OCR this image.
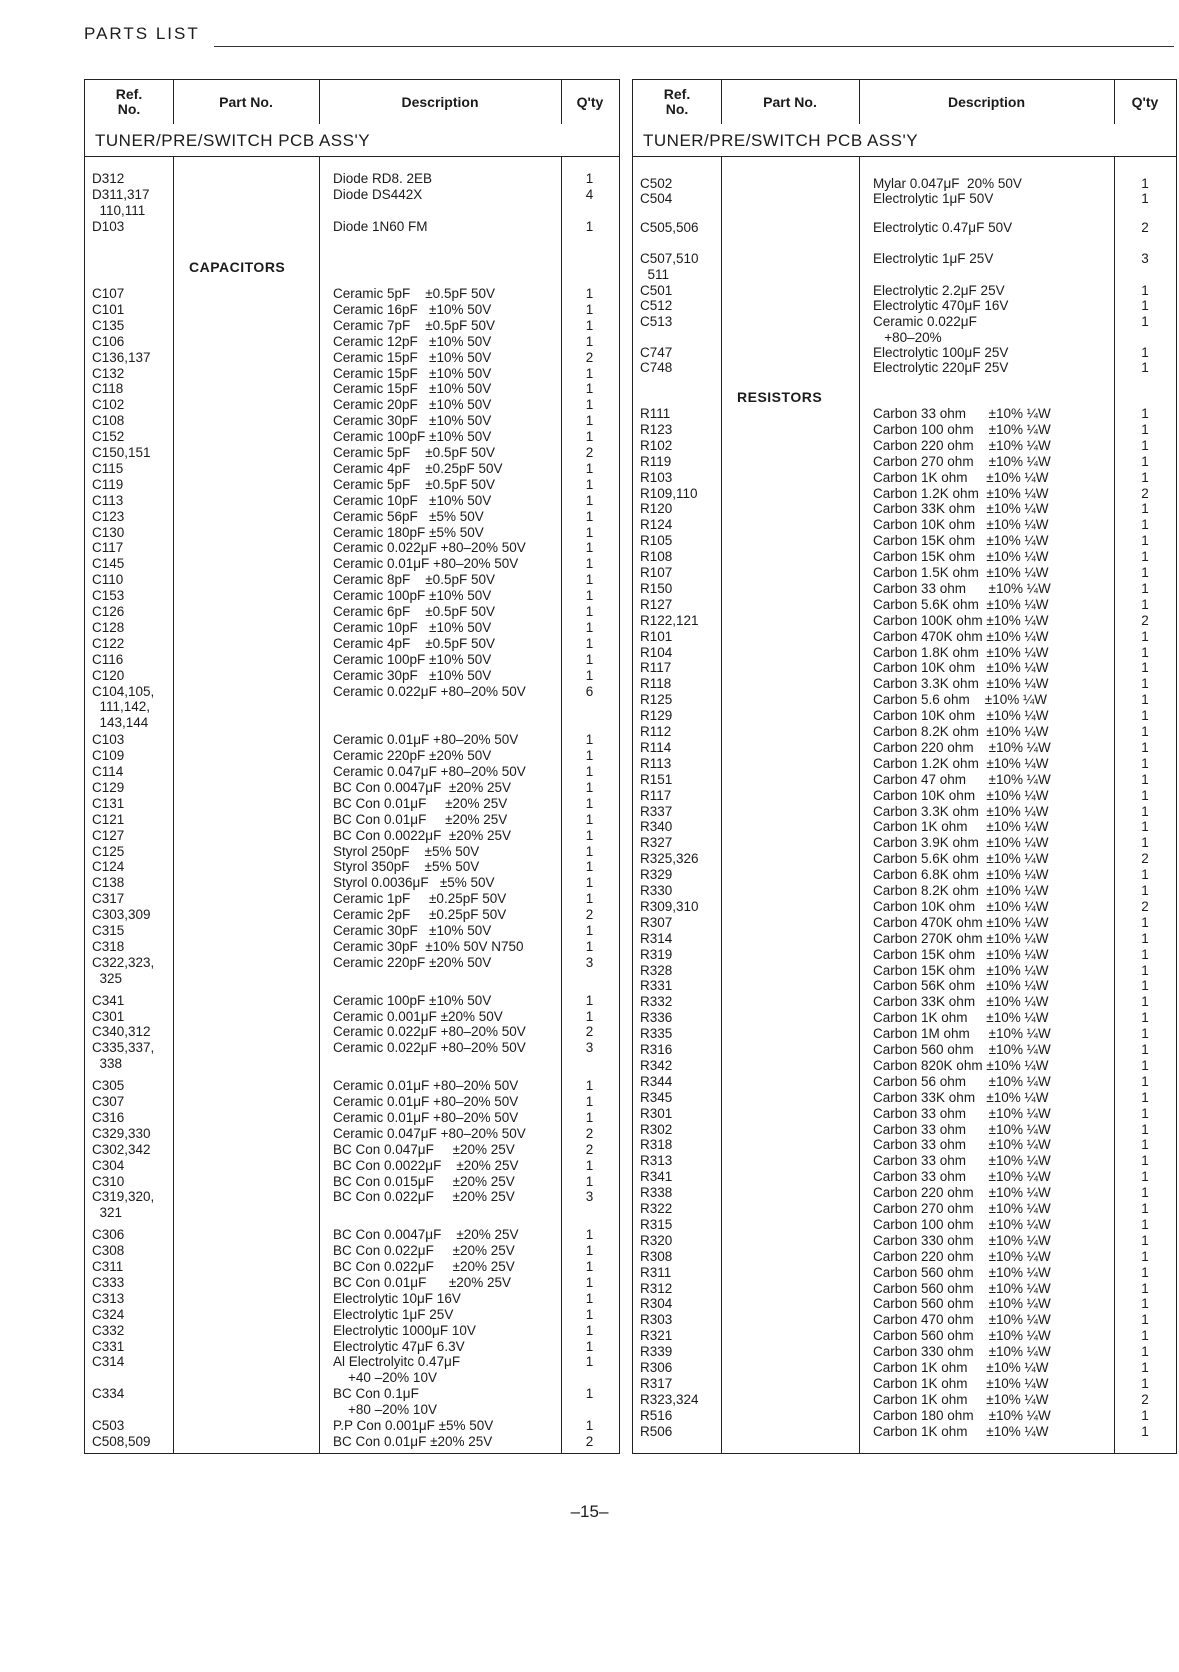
PARTS LIST
Ref.
No.	Part No.	Description	Q'ty
TUNER/PRE/SWITCH PCB ASS'Y
CAPACITORS
D312	Diode RD8. 2EB	1
D311,317	Diode DS442X	4
110,111
D103	Diode 1N60 FM	1
C107	Ceramic 5pF    ±0.5pF 50V	1
C101	Ceramic 16pF   ±10% 50V	1
C135	Ceramic 7pF    ±0.5pF 50V	1
C106	Ceramic 12pF   ±10% 50V	1
C136,137	Ceramic 15pF   ±10% 50V	2
C132	Ceramic 15pF   ±10% 50V	1
C118	Ceramic 15pF   ±10% 50V	1
C102	Ceramic 20pF   ±10% 50V	1
C108	Ceramic 30pF   ±10% 50V	1
C152	Ceramic 100pF ±10% 50V	1
C150,151	Ceramic 5pF    ±0.5pF 50V	2
C115	Ceramic 4pF    ±0.25pF 50V	1
C119	Ceramic 5pF    ±0.5pF 50V	1
C113	Ceramic 10pF   ±10% 50V	1
C123	Ceramic 56pF   ±5% 50V	1
C130	Ceramic 180pF ±5% 50V	1
C117	Ceramic 0.022μF +80–20% 50V	1
C145	Ceramic 0.01μF +80–20% 50V	1
C110	Ceramic 8pF    ±0.5pF 50V	1
C153	Ceramic 100pF ±10% 50V	1
C126	Ceramic 6pF    ±0.5pF 50V	1
C128	Ceramic 10pF   ±10% 50V	1
C122	Ceramic 4pF    ±0.5pF 50V	1
C116	Ceramic 100pF ±10% 50V	1
C120	Ceramic 30pF   ±10% 50V	1
C104,105,	Ceramic 0.022μF +80–20% 50V	6
111,142,
143,144
C103	Ceramic 0.01μF +80–20% 50V	1
C109	Ceramic 220pF ±20% 50V	1
C114	Ceramic 0.047μF +80–20% 50V	1
C129	BC Con 0.0047μF  ±20% 25V	1
C131	BC Con 0.01μF     ±20% 25V	1
C121	BC Con 0.01μF     ±20% 25V	1
C127	BC Con 0.0022μF  ±20% 25V	1
C125	Styrol 250pF    ±5% 50V	1
C124	Styrol 350pF    ±5% 50V	1
C138	Styrol 0.0036μF   ±5% 50V	1
C317	Ceramic 1pF     ±0.25pF 50V	1
C303,309	Ceramic 2pF     ±0.25pF 50V	2
C315	Ceramic 30pF   ±10% 50V	1
C318	Ceramic 30pF  ±10% 50V N750	1
C322,323,	Ceramic 220pF ±20% 50V	3
325
C341	Ceramic 100pF ±10% 50V	1
C301	Ceramic 0.001μF ±20% 50V	1
C340,312	Ceramic 0.022μF +80–20% 50V	2
C335,337,	Ceramic 0.022μF +80–20% 50V	3
338
C305	Ceramic 0.01μF +80–20% 50V	1
C307	Ceramic 0.01μF +80–20% 50V	1
C316	Ceramic 0.01μF +80–20% 50V	1
C329,330	Ceramic 0.047μF +80–20% 50V	2
C302,342	BC Con 0.047μF     ±20% 25V	2
C304	BC Con 0.0022μF    ±20% 25V	1
C310	BC Con 0.015μF     ±20% 25V	1
C319,320,	BC Con 0.022μF     ±20% 25V	3
321
C306	BC Con 0.0047μF    ±20% 25V	1
C308	BC Con 0.022μF     ±20% 25V	1
C311	BC Con 0.022μF     ±20% 25V	1
C333	BC Con 0.01μF      ±20% 25V	1
C313	Electrolytic 10μF 16V	1
C324	Electrolytic 1μF 25V	1
C332	Electrolytic 1000μF 10V	1
C331	Electrolytic 47μF 6.3V	1
C314	Al Electrolyitc 0.47μF	1
+40 –20% 10V
C334	BC Con 0.1μF	1
+80 –20% 10V
C503	P.P Con 0.001μF ±5% 50V	1
C508,509	BC Con 0.01μF ±20% 25V	2
Ref.
No.	Part No.	Description	Q'ty
TUNER/PRE/SWITCH PCB ASS'Y
RESISTORS
C502	Mylar 0.047μF  20% 50V	1
C504	Electrolytic 1μF 50V	1
C505,506	Electrolytic 0.47μF 50V	2
C507,510	Electrolytic 1μF 25V	3
511
C501	Electrolytic 2.2μF 25V	1
C512	Electrolytic 470μF 16V	1
C513	Ceramic 0.022μF	1
+80–20%
C747	Electrolytic 100μF 25V	1
C748	Electrolytic 220μF 25V	1
R111	Carbon 33 ohm      ±10% ¼W	1
R123	Carbon 100 ohm    ±10% ¼W	1
R102	Carbon 220 ohm    ±10% ¼W	1
R119	Carbon 270 ohm    ±10% ¼W	1
R103	Carbon 1K ohm     ±10% ¼W	1
R109,110	Carbon 1.2K ohm  ±10% ¼W	2
R120	Carbon 33K ohm   ±10% ¼W	1
R124	Carbon 10K ohm   ±10% ¼W	1
R105	Carbon 15K ohm   ±10% ¼W	1
R108	Carbon 15K ohm   ±10% ¼W	1
R107	Carbon 1.5K ohm  ±10% ¼W	1
R150	Carbon 33 ohm      ±10% ¼W	1
R127	Carbon 5.6K ohm  ±10% ¼W	1
R122,121	Carbon 100K ohm ±10% ¼W	2
R101	Carbon 470K ohm ±10% ¼W	1
R104	Carbon 1.8K ohm  ±10% ¼W	1
R117	Carbon 10K ohm   ±10% ¼W	1
R118	Carbon 3.3K ohm  ±10% ¼W	1
R125	Carbon 5.6 ohm    ±10% ¼W	1
R129	Carbon 10K ohm   ±10% ¼W	1
R112	Carbon 8.2K ohm  ±10% ¼W	1
R114	Carbon 220 ohm    ±10% ¼W	1
R113	Carbon 1.2K ohm  ±10% ¼W	1
R151	Carbon 47 ohm      ±10% ¼W	1
R117	Carbon 10K ohm   ±10% ¼W	1
R337	Carbon 3.3K ohm  ±10% ¼W	1
R340	Carbon 1K ohm     ±10% ¼W	1
R327	Carbon 3.9K ohm  ±10% ¼W	1
R325,326	Carbon 5.6K ohm  ±10% ¼W	2
R329	Carbon 6.8K ohm  ±10% ¼W	1
R330	Carbon 8.2K ohm  ±10% ¼W	1
R309,310	Carbon 10K ohm   ±10% ¼W	2
R307	Carbon 470K ohm ±10% ¼W	1
R314	Carbon 270K ohm ±10% ¼W	1
R319	Carbon 15K ohm   ±10% ¼W	1
R328	Carbon 15K ohm   ±10% ¼W	1
R331	Carbon 56K ohm   ±10% ¼W	1
R332	Carbon 33K ohm   ±10% ¼W	1
R336	Carbon 1K ohm     ±10% ¼W	1
R335	Carbon 1M ohm     ±10% ¼W	1
R316	Carbon 560 ohm    ±10% ¼W	1
R342	Carbon 820K ohm ±10% ¼W	1
R344	Carbon 56 ohm      ±10% ¼W	1
R345	Carbon 33K ohm   ±10% ¼W	1
R301	Carbon 33 ohm      ±10% ¼W	1
R302	Carbon 33 ohm      ±10% ¼W	1
R318	Carbon 33 ohm      ±10% ¼W	1
R313	Carbon 33 ohm      ±10% ¼W	1
R341	Carbon 33 ohm      ±10% ¼W	1
R338	Carbon 220 ohm    ±10% ¼W	1
R322	Carbon 270 ohm    ±10% ¼W	1
R315	Carbon 100 ohm    ±10% ¼W	1
R320	Carbon 330 ohm    ±10% ¼W	1
R308	Carbon 220 ohm    ±10% ¼W	1
R311	Carbon 560 ohm    ±10% ¼W	1
R312	Carbon 560 ohm    ±10% ¼W	1
R304	Carbon 560 ohm    ±10% ¼W	1
R303	Carbon 470 ohm    ±10% ¼W	1
R321	Carbon 560 ohm    ±10% ¼W	1
R339	Carbon 330 ohm    ±10% ¼W	1
R306	Carbon 1K ohm     ±10% ¼W	1
R317	Carbon 1K ohm     ±10% ¼W	1
R323,324	Carbon 1K ohm     ±10% ¼W	2
R516	Carbon 180 ohm    ±10% ¼W	1
R506	Carbon 1K ohm     ±10% ¼W	1
–15–
